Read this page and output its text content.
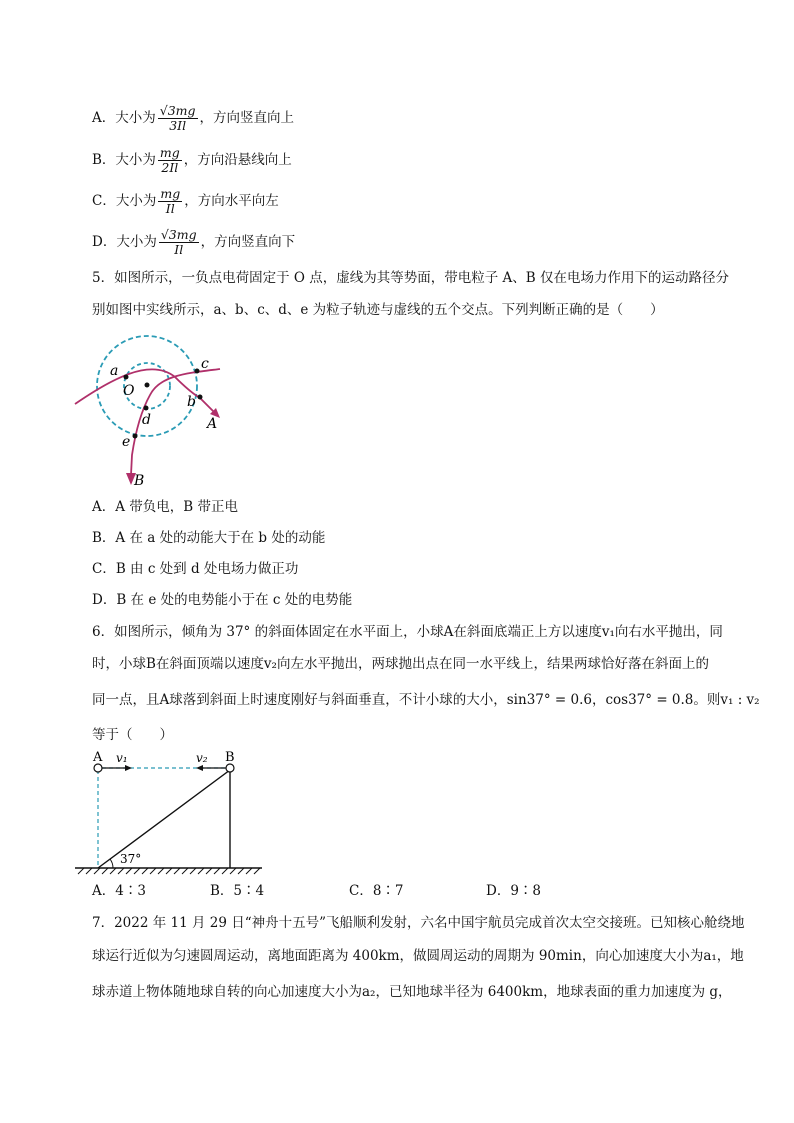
A．大小为 $\frac{√3mg}{3Il}$ ，方向竖直向上
B．大小为 $\frac{mg}{2Il}$ ，方向沿悬线向上
C．大小为 $\frac{mg}{Il}$ ，方向水平向左
D．大小为 $\frac{√3mg}{Il}$ ，方向竖直向下
5．如图所示，一负点电荷固定于 O 点，虚线为其等势面，带电粒子 A、B 仅在电场力作用下的运动路径分
别如图中实线所示，a、b、c、d、e 为粒子轨迹与虚线的五个交点。下列判断正确的是（　　）
a
O
c
b
A
d
e
B
A．A 带负电，B 带正电
B．A 在 a 处的动能大于在 b 处的动能
C．B 由 c 处到 d 处电场力做正功
D．B 在 e 处的电势能小于在 c 处的电势能
6．如图所示，倾角为 37° 的斜面体固定在水平面上，小球A在斜面底端正上方以速度v₁向右水平抛出，同
时，小球B在斜面顶端以速度v₂向左水平抛出，两球抛出点在同一水平线上，结果两球恰好落在斜面上的
同一点，且A球落到斜面上时速度刚好与斜面垂直，不计小球的大小，sin37° = 0.6，cos37° = 0.8。则v₁ : v₂
等于（　　）
A	B
v₁	v₂
37°
A．4∶3	B．5∶4	C．8∶7	D．9∶8
7．2022 年 11 月 29 日“神舟十五号”飞船顺利发射，六名中国宇航员完成首次太空交接班。已知核心舱绕地
球运行近似为匀速圆周运动，离地面距离为 400km，做圆周运动的周期为 90min，向心加速度大小为a₁，地
球赤道上物体随地球自转的向心加速度大小为a₂，已知地球半径为 6400km，地球表面的重力加速度为 g，
